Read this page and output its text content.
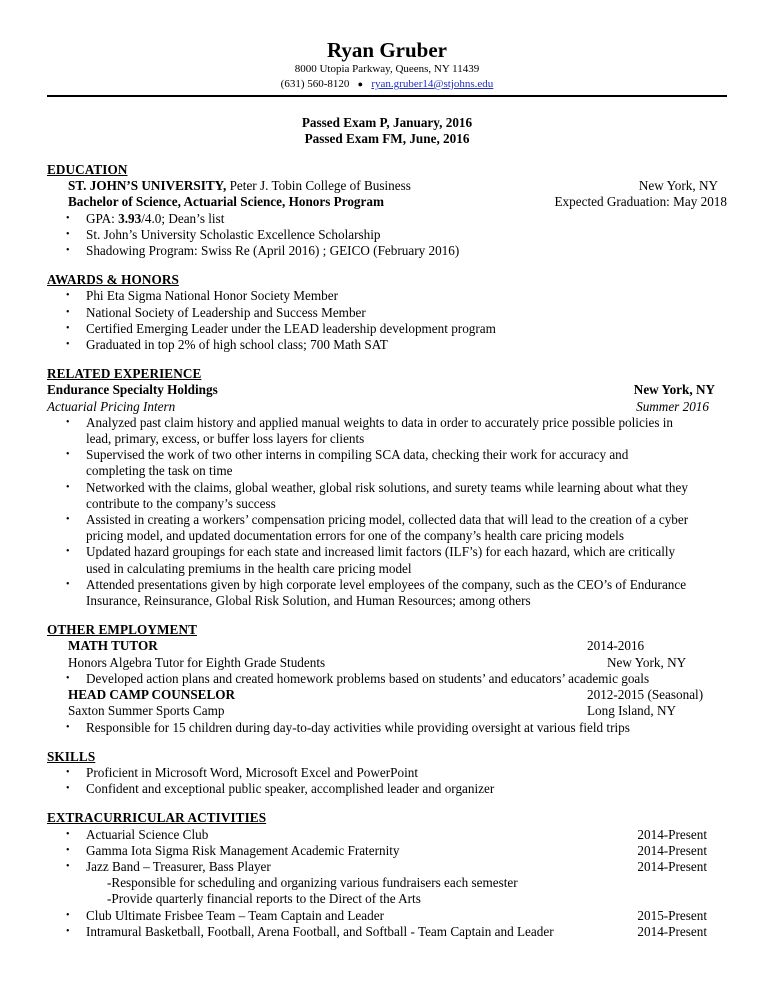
Ryan Gruber
8000 Utopia Parkway, Queens, NY 11439
(631) 560-8120 ● ryan.gruber14@stjohns.edu
Passed Exam P, January, 2016
Passed Exam FM, June, 2016
EDUCATION
ST. JOHN’S UNIVERSITY, Peter J. Tobin College of Business	New York, NY
Bachelor of Science, Actuarial Science, Honors Program	Expected Graduation: May 2018
• GPA: 3.93/4.0; Dean’s list
• St. John’s University Scholastic Excellence Scholarship
• Shadowing Program: Swiss Re (April 2016) ; GEICO (February 2016)
AWARDS & HONORS
• Phi Eta Sigma National Honor Society Member
• National Society of Leadership and Success Member
• Certified Emerging Leader under the LEAD leadership development program
• Graduated in top 2% of high school class; 700 Math SAT
RELATED EXPERIENCE
Endurance Specialty Holdings	New York, NY
Actuarial Pricing Intern	Summer 2016
• Analyzed past claim history and applied manual weights to data in order to accurately price possible policies in
lead, primary, excess, or buffer loss layers for clients
• Supervised the work of two other interns in compiling SCA data, checking their work for accuracy and
completing the task on time
• Networked with the claims, global weather, global risk solutions, and surety teams while learning about what they
contribute to the company’s success
• Assisted in creating a workers’ compensation pricing model, collected data that will lead to the creation of a cyber
pricing model, and updated documentation errors for one of the company’s health care pricing models
• Updated hazard groupings for each state and increased limit factors (ILF’s) for each hazard, which are critically
used in calculating premiums in the health care pricing model
• Attended presentations given by high corporate level employees of the company, such as the CEO’s of Endurance
Insurance, Reinsurance, Global Risk Solution, and Human Resources; among others
OTHER EMPLOYMENT
MATH TUTOR	2014-2016
Honors Algebra Tutor for Eighth Grade Students	New York, NY
• Developed action plans and created homework problems based on students’ and educators’ academic goals
HEAD CAMP COUNSELOR	2012-2015 (Seasonal)
Saxton Summer Sports Camp	Long Island, NY
• Responsible for 15 children during day-to-day activities while providing oversight at various field trips
SKILLS
• Proficient in Microsoft Word, Microsoft Excel and PowerPoint
• Confident and exceptional public speaker, accomplished leader and organizer
EXTRACURRICULAR ACTIVITIES
• Actuarial Science Club	2014-Present
• Gamma Iota Sigma Risk Management Academic Fraternity	2014-Present
• Jazz Band – Treasurer, Bass Player	2014-Present
-Responsible for scheduling and organizing various fundraisers each semester
-Provide quarterly financial reports to the Direct of the Arts
• Club Ultimate Frisbee Team – Team Captain and Leader	2015-Present
• Intramural Basketball, Football, Arena Football, and Softball - Team Captain and Leader	2014-Present
